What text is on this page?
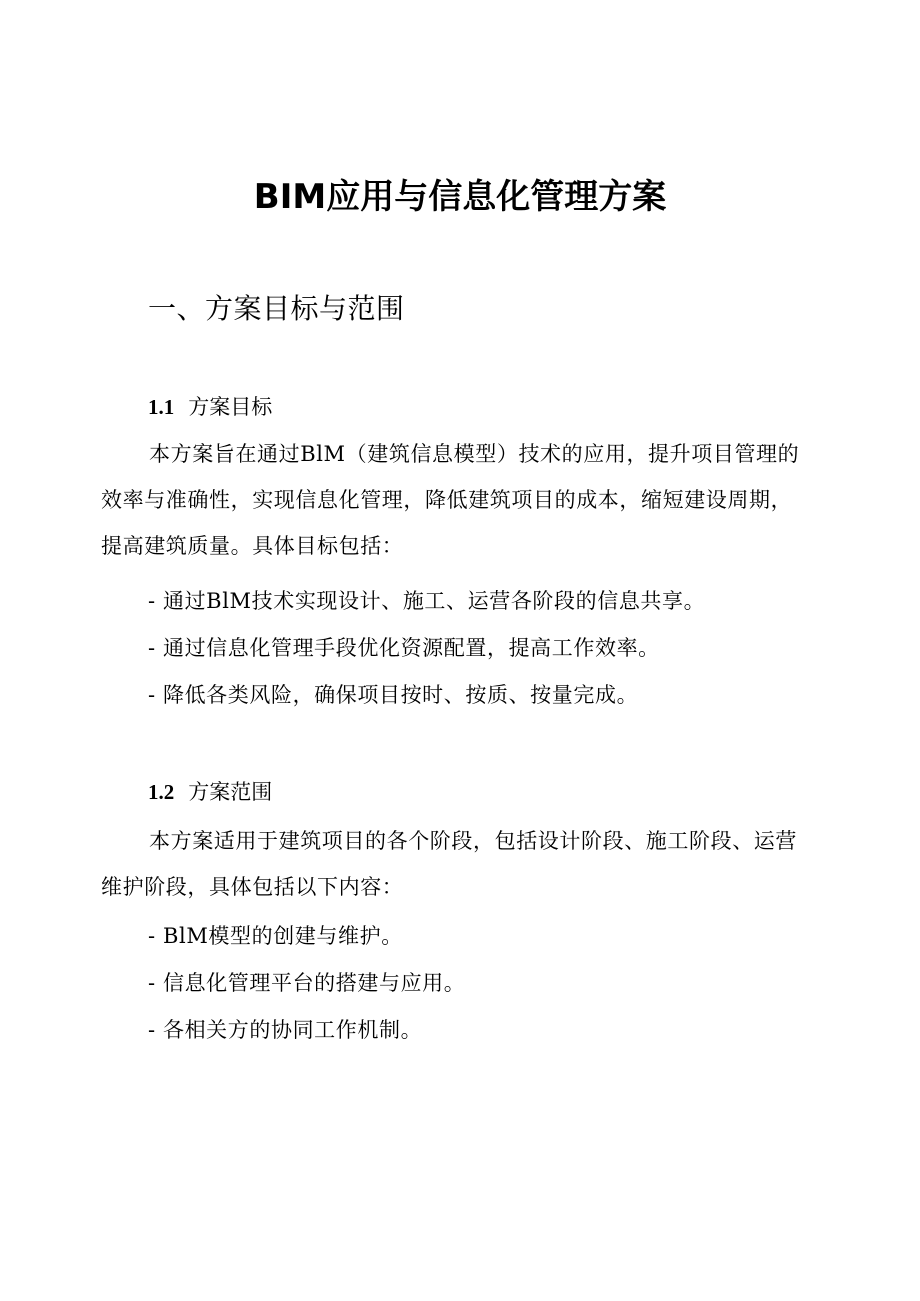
BIM应用与信息化管理方案
一、方案目标与范围
1.1 方案目标

本方案旨在通过BlM（建筑信息模型）技术的应用，提升项目管理的效率与准确性，实现信息化管理，降低建筑项目的成本，缩短建设周期，提高建筑质量。具体目标包括：

- 通过BlM技术实现设计、施工、运营各阶段的信息共享。

- 通过信息化管理手段优化资源配置，提高工作效率。

- 降低各类风险，确保项目按时、按质、按量完成。

1.2 方案范围

本方案适用于建筑项目的各个阶段，包括设计阶段、施工阶段、运营维护阶段，具体包括以下内容：

- BlM模型的创建与维护。

- 信息化管理平台的搭建与应用。

- 各相关方的协同工作机制。
